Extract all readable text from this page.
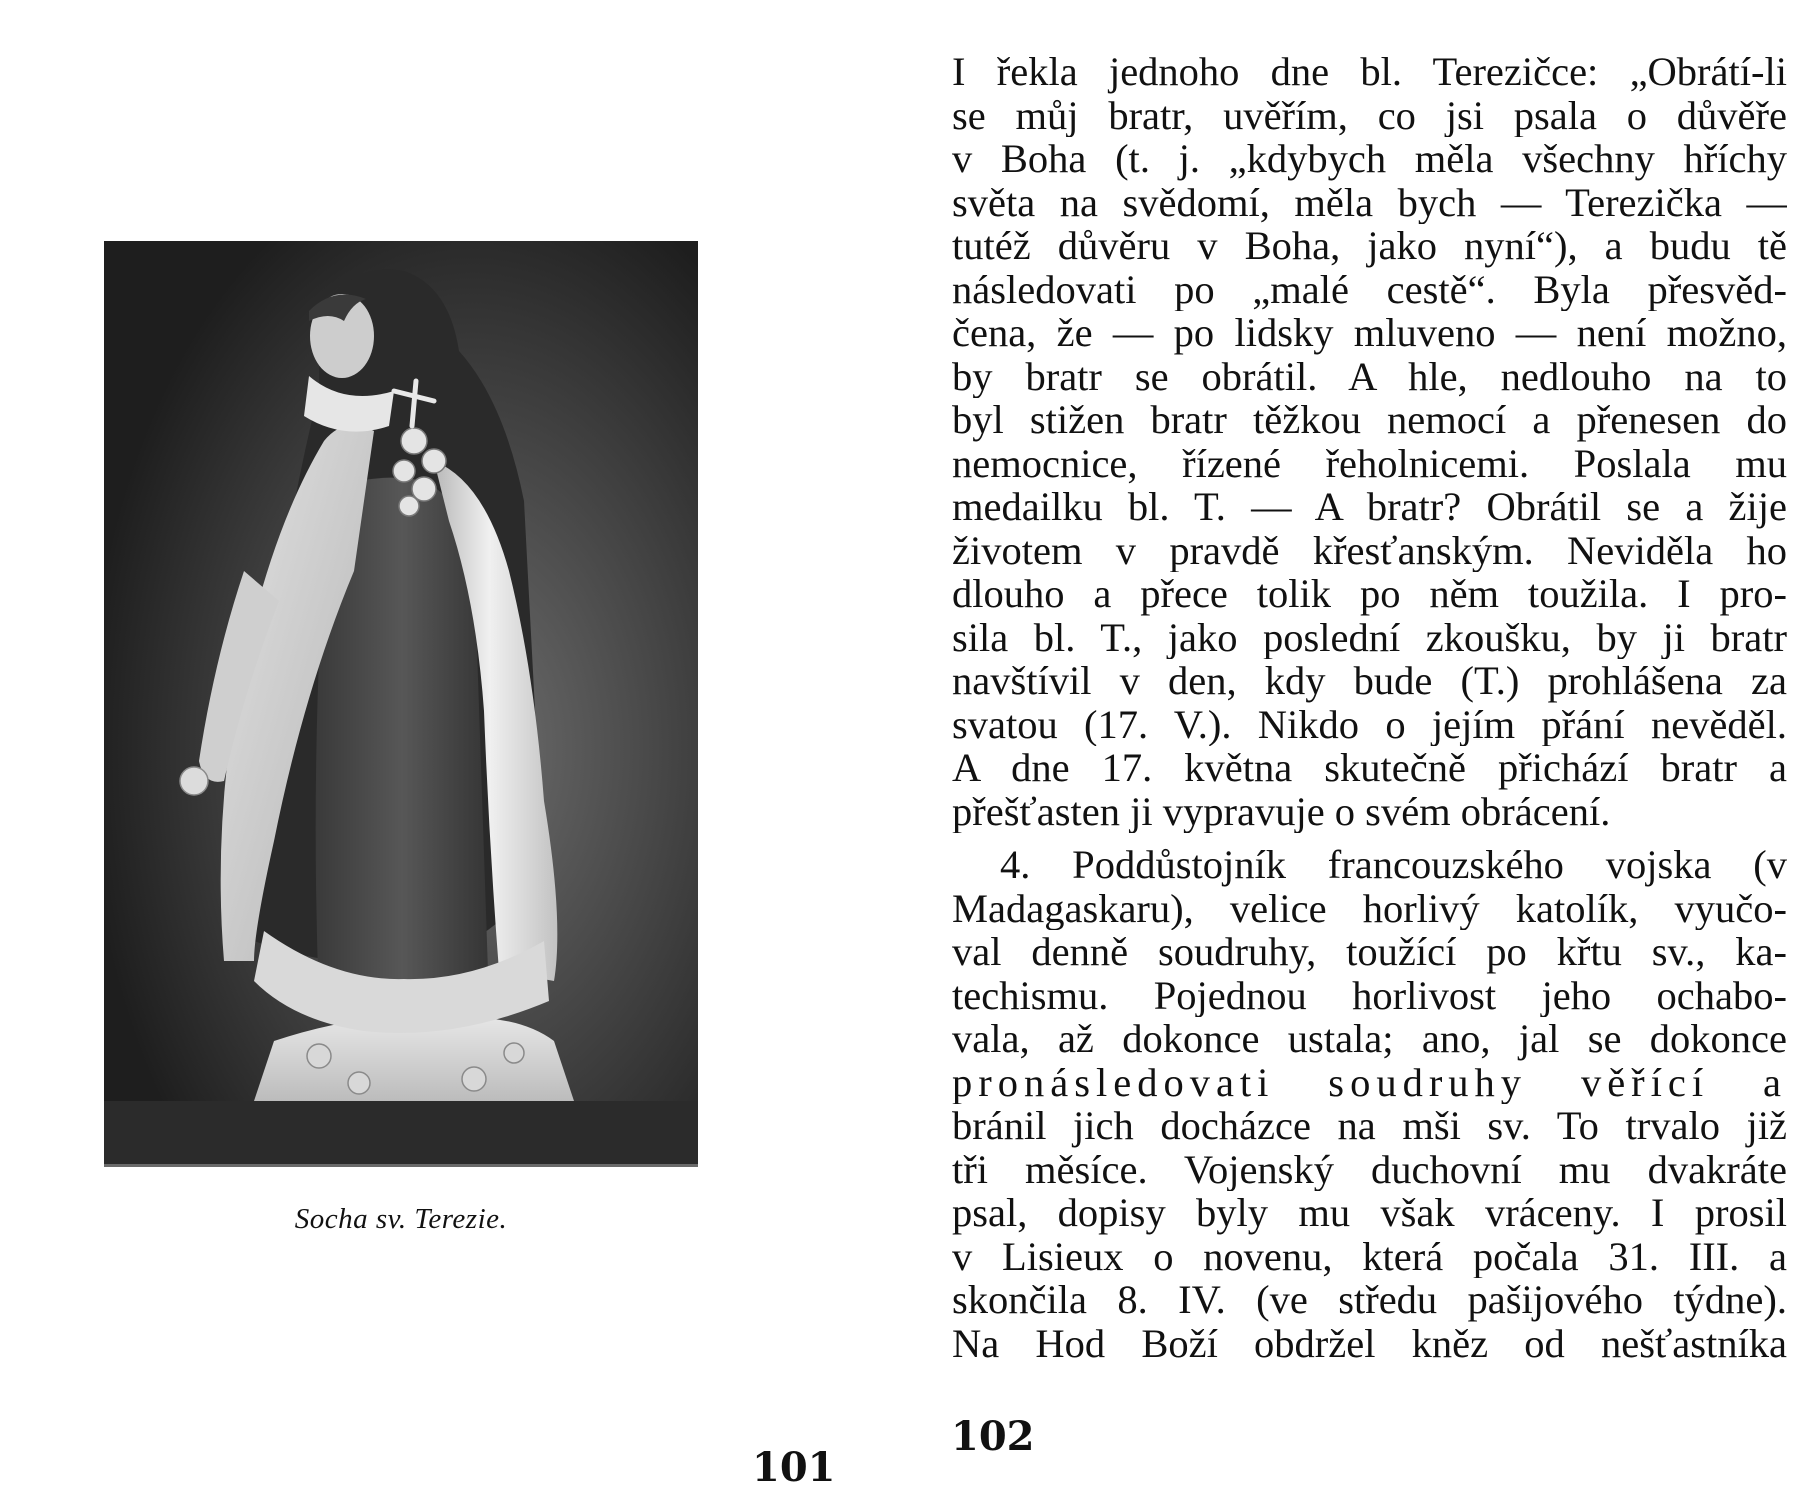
Socha sv. Terezie.
101
I řekla jednoho dne bl. Terezičce: „Obrátí-li
se můj bratr, uvěřím, co jsi psala o důvěře
v Boha (t. j. „kdybych měla všechny hříchy
světa na svědomí, měla bych — Terezička —
tutéž důvěru v Boha, jako nyní“), a budu tě
následovati po „malé cestě“. Byla přesvěd-
čena, že — po lidsky mluveno — není možno,
by bratr se obrátil. A hle, nedlouho na to
byl stižen bratr těžkou nemocí a přenesen do
nemocnice, řízené řeholnicemi. Poslala mu
medailku bl. T. — A bratr? Obrátil se a žije
životem v pravdě křesťanským. Neviděla ho
dlouho a přece tolik po něm toužila. I pro-
sila bl. T., jako poslední zkoušku, by ji bratr
navštívil v den, kdy bude (T.) prohlášena za
svatou (17. V.). Nikdo o jejím přání nevěděl.
A dne 17. května skutečně přichází bratr a
přešťasten ji vypravuje o svém obrácení.
4. Poddůstojník francouzského vojska (v
Madagaskaru), velice horlivý katolík, vyučo-
val denně soudruhy, toužící po křtu sv., ka-
techismu. Pojednou horlivost jeho ochabo-
vala, až dokonce ustala; ano, jal se dokonce
pronásledovati soudruhy věřící a
bránil jich docházce na mši sv. To trvalo již
tři měsíce. Vojenský duchovní mu dvakráte
psal, dopisy byly mu však vráceny. I prosil
v Lisieux o novenu, která počala 31. III. a
skončila 8. IV. (ve středu pašijového týdne).
Na Hod Boží obdržel kněz od nešťastníka
102
